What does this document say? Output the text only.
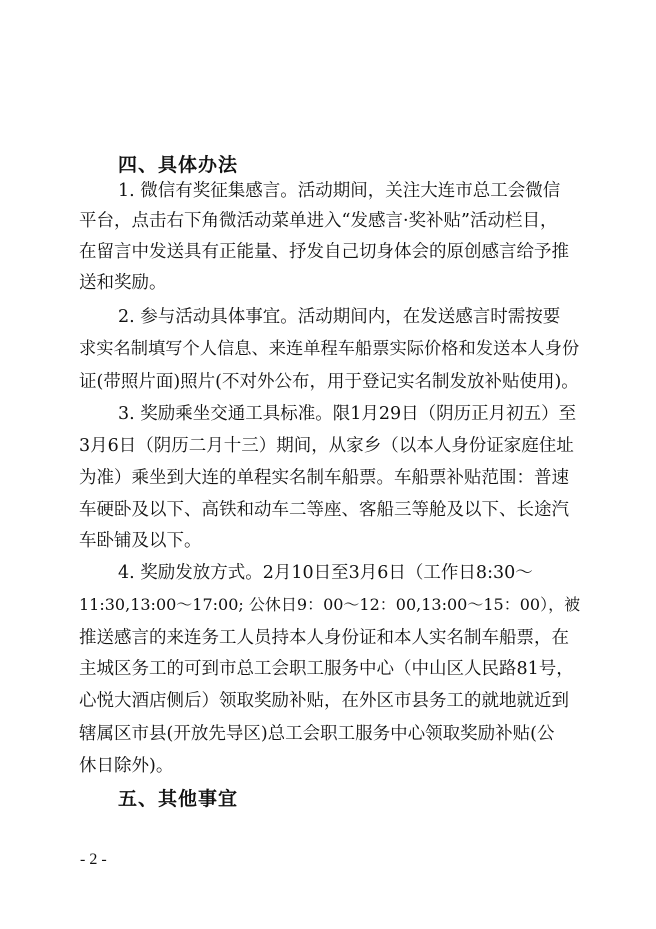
四、具体办法
1. 微信有奖征集感言。活动期间，关注大连市总工会微信
平台，点击右下角微活动菜单进入“发感言·奖补贴”活动栏目，
在留言中发送具有正能量、抒发自己切身体会的原创感言给予推
送和奖励。
2. 参与活动具体事宜。活动期间内，在发送感言时需按要
求实名制填写个人信息、来连单程车船票实际价格和发送本人身份
证(带照片面)照片(不对外公布，用于登记实名制发放补贴使用)。
3. 奖励乘坐交通工具标准。限1月29日（阴历正月初五）至
3月6日（阴历二月十三）期间，从家乡（以本人身份证家庭住址
为准）乘坐到大连的单程实名制车船票。车船票补贴范围：普速
车硬卧及以下、高铁和动车二等座、客船三等舱及以下、长途汽
车卧铺及以下。
4. 奖励发放方式。2月10日至3月6日（工作日8:30～
11:30,13:00～17:00; 公休日9：00～12：00,13:00～15：00），被
推送感言的来连务工人员持本人身份证和本人实名制车船票，在
主城区务工的可到市总工会职工服务中心（中山区人民路81号，
心悦大酒店侧后）领取奖励补贴，在外区市县务工的就地就近到
辖属区市县(开放先导区)总工会职工服务中心领取奖励补贴(公
休日除外)。
五、其他事宜
- 2 -
